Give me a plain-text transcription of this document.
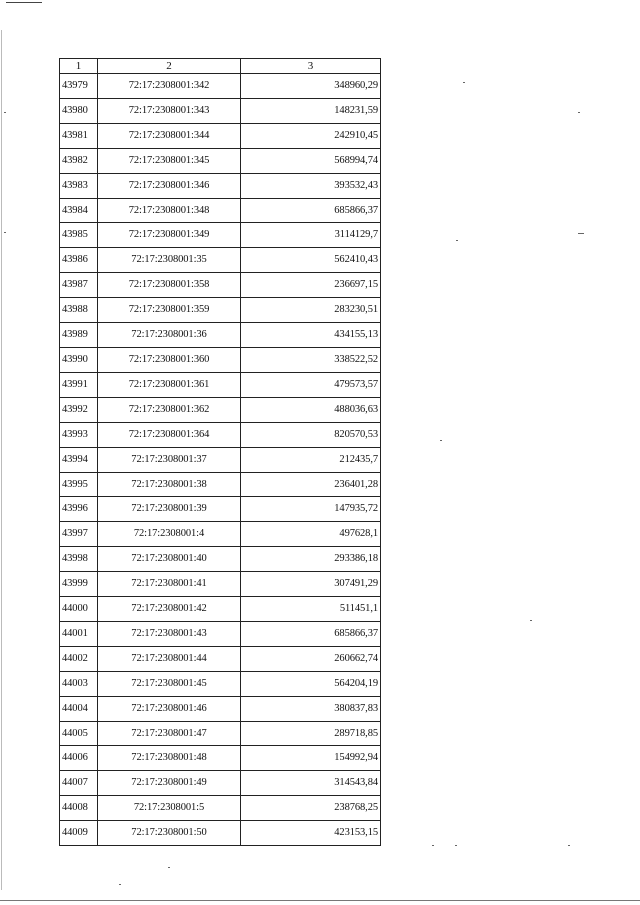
1	2	3
43979	72:17:2308001:342	348960,29
43980	72:17:2308001:343	148231,59
43981	72:17:2308001:344	242910,45
43982	72:17:2308001:345	568994,74
43983	72:17:2308001:346	393532,43
43984	72:17:2308001:348	685866,37
43985	72:17:2308001:349	3114129,7
43986	72:17:2308001:35	562410,43
43987	72:17:2308001:358	236697,15
43988	72:17:2308001:359	283230,51
43989	72:17:2308001:36	434155,13
43990	72:17:2308001:360	338522,52
43991	72:17:2308001:361	479573,57
43992	72:17:2308001:362	488036,63
43993	72:17:2308001:364	820570,53
43994	72:17:2308001:37	212435,7
43995	72:17:2308001:38	236401,28
43996	72:17:2308001:39	147935,72
43997	72:17:2308001:4	497628,1
43998	72:17:2308001:40	293386,18
43999	72:17:2308001:41	307491,29
44000	72:17:2308001:42	511451,1
44001	72:17:2308001:43	685866,37
44002	72:17:2308001:44	260662,74
44003	72:17:2308001:45	564204,19
44004	72:17:2308001:46	380837,83
44005	72:17:2308001:47	289718,85
44006	72:17:2308001:48	154992,94
44007	72:17:2308001:49	314543,84
44008	72:17:2308001:5	238768,25
44009	72:17:2308001:50	423153,15
